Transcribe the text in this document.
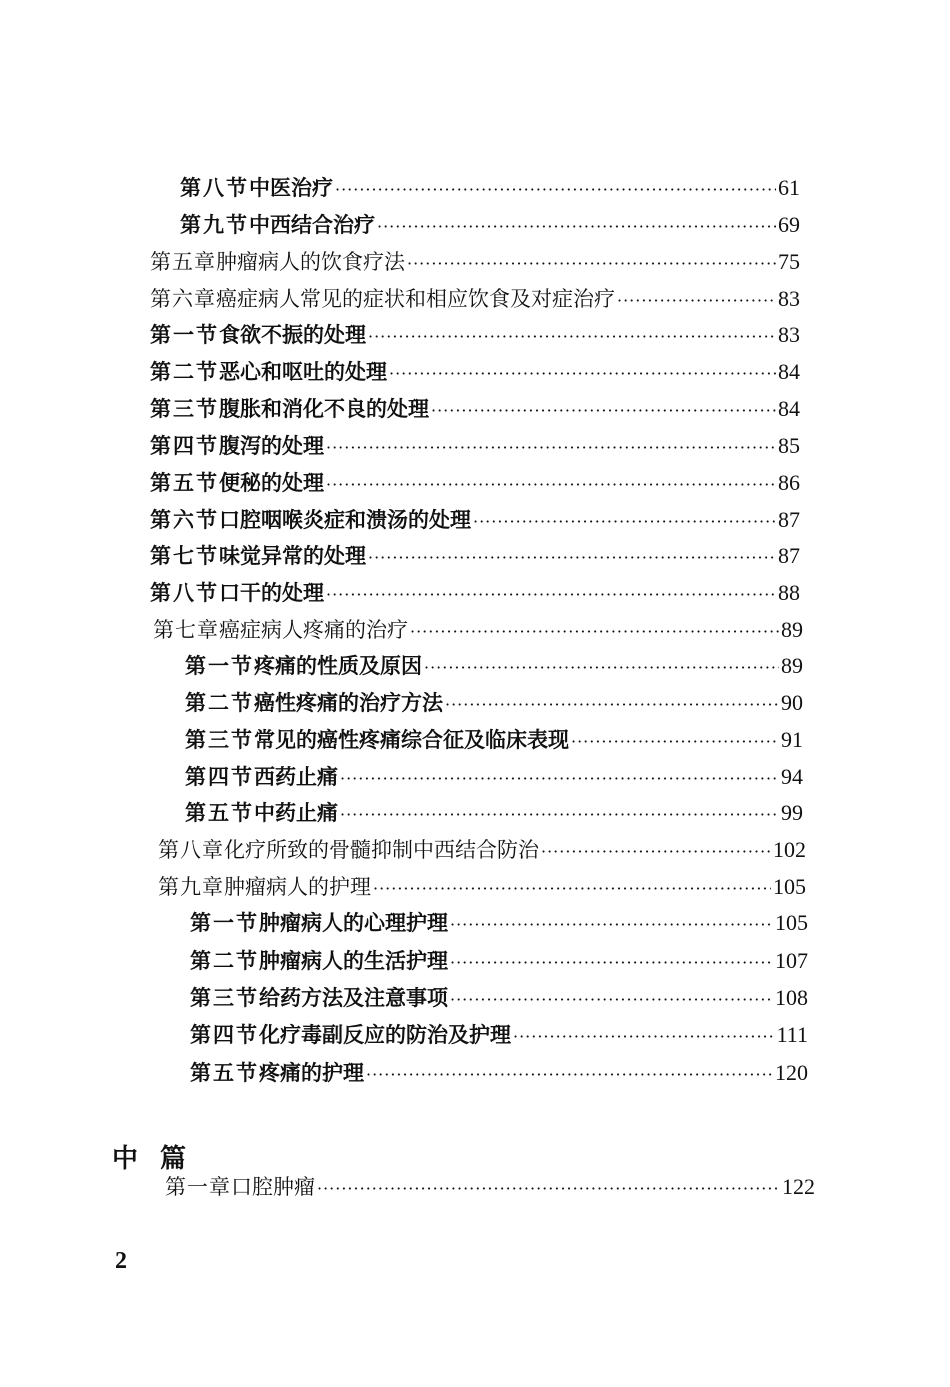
第八节 中医治疗 ·····	61
第九节 中西结合治疗 ·····	69
第五章 肿瘤病人的饮食疗法 ·····	75
第六章 癌症病人常见的症状和相应饮食及对症治疗 ·····	83
第一节 食欲不振的处理 ·····	83
第二节 恶心和呕吐的处理 ·····	84
第三节 腹胀和消化不良的处理 ·····	84
第四节 腹泻的处理 ·····	85
第五节 便秘的处理 ·····	86
第六节 口腔咽喉炎症和溃汤的处理 ·····	87
第七节 味觉异常的处理 ·····	87
第八节 口干的处理 ·····	88
第七章 癌症病人疼痛的治疗 ·····	89
第一节 疼痛的性质及原因 ·····	89
第二节 癌性疼痛的治疗方法 ·····	90
第三节 常见的癌性疼痛综合征及临床表现 ·····	91
第四节 西药止痛 ·····	94
第五节 中药止痛 ·····	99
第八章 化疗所致的骨髓抑制中西结合防治 ·····	102
第九章 肿瘤病人的护理 ·····	105
第一节 肿瘤病人的心理护理 ·····	105
第二节 肿瘤病人的生活护理 ·····	107
第三节 给药方法及注意事项 ·····	108
第四节 化疗毒副反应的防治及护理 ·····	111
第五节 疼痛的护理 ·····	120
中篇
第一章 口腔肿瘤 ·····	122
2
